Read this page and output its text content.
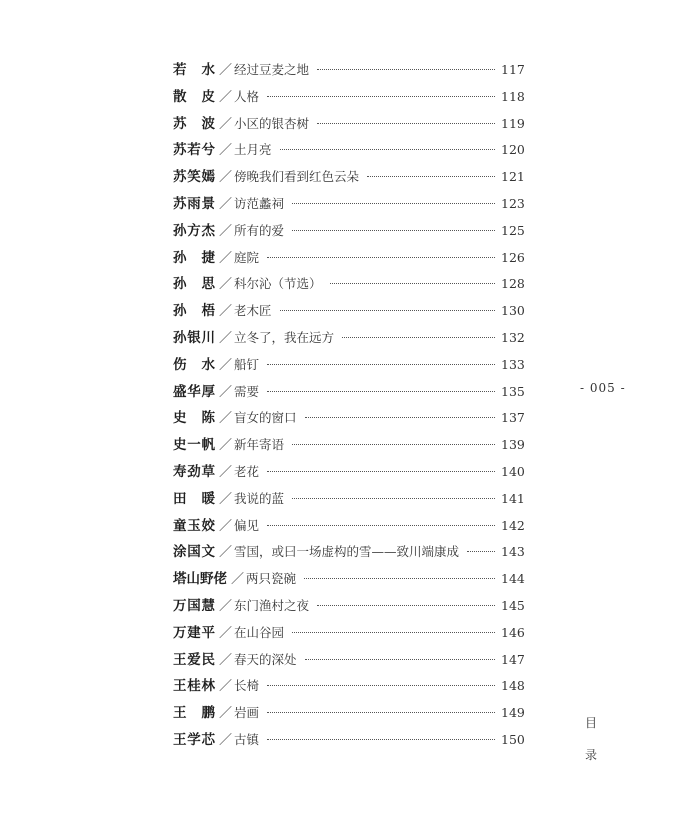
若　水 ／ 经过豆麦之地	117
散　皮 ／ 人格	118
苏　波 ／ 小区的银杏树	119
苏若兮 ／ 土月亮	120
苏笑嫣 ／ 傍晚我们看到红色云朵	121
苏雨景 ／ 访范蠡祠	123
孙方杰 ／ 所有的爱	125
孙　捷 ／ 庭院	126
孙　思 ／ 科尔沁（节选）	128
孙　梧 ／ 老木匠	130
孙银川 ／ 立冬了，我在远方	132
伤　水 ／ 船钉	133
盛华厚 ／ 需要	135
史　陈 ／ 盲女的窗口	137
史一帆 ／ 新年寄语	139
寿劲草 ／ 老花	140
田　暖 ／ 我说的蓝	141
童玉姣 ／ 偏见	142
涂国文 ／ 雪国，或曰一场虚构的雪——致川端康成	143
塔山野佬 ／ 两只瓷碗	144
万国慧 ／ 东门渔村之夜	145
万建平 ／ 在山谷园	146
王爱民 ／ 春天的深处	147
王桂林 ／ 长椅	148
王　鹏 ／ 岩画	149
王学芯 ／ 古镇	150
- 005 -
目录
